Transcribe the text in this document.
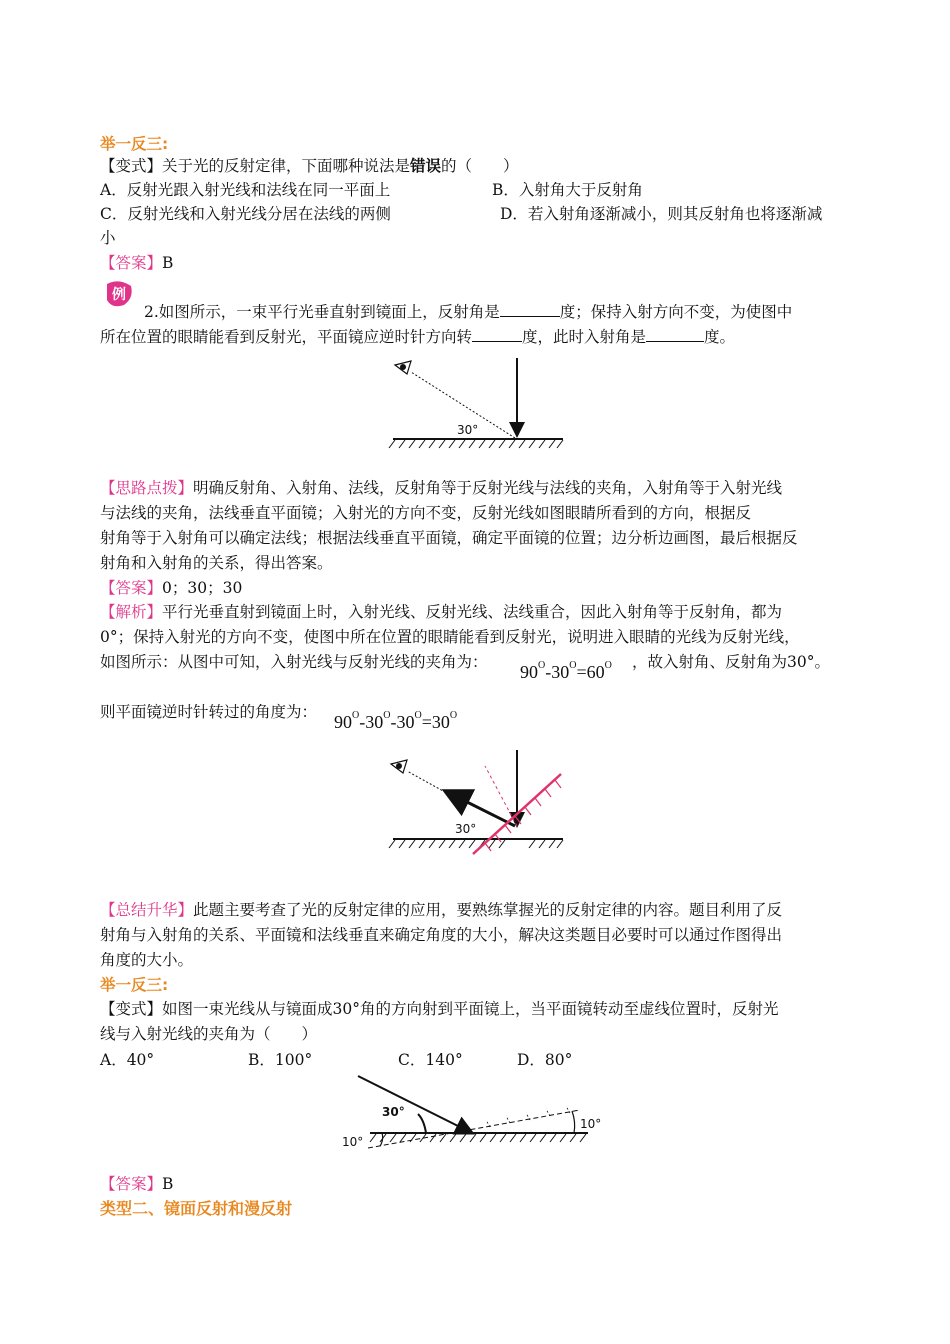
举一反三:
【变式】关于光的反射定律，下面哪种说法是错误的（　　）
A．反射光跟入射光线和法线在同一平面上	B．入射角大于反射角
C．反射光线和入射光线分居在法线的两侧	D．若入射角逐渐减小，则其反射角也将逐渐减
小
【答案】B
例
2.如图所示，一束平行光垂直射到镜面上，反射角是	度；保持入射方向不变，为使图中
所在位置的眼睛能看到反射光，平面镜应逆时针方向转	度，此时入射角是	度。
30°
【思路点拨】明确反射角、入射角、法线，反射角等于反射光线与法线的夹角，入射角等于入射光线
与法线的夹角，法线垂直平面镜；入射光的方向不变，反射光线如图眼睛所看到的方向，根据反
射角等于入射角可以确定法线；根据法线垂直平面镜，确定平面镜的位置；边分析边画图，最后根据反
射角和入射角的关系，得出答案。
【答案】0；30；30
【解析】平行光垂直射到镜面上时，入射光线、反射光线、法线重合，因此入射角等于反射角，都为
0°；保持入射光的方向不变，使图中所在位置的眼睛能看到反射光，说明进入眼睛的光线为反射光线，
如图所示：从图中可知，入射光线与反射光线的夹角为： $90^O-30^O=60^O$ ，故入射角、反射角为30°。
则平面镜逆时针转过的角度为： $90^O-30^O-30^O=30^O$
30°
【总结升华】此题主要考查了光的反射定律的应用，要熟练掌握光的反射定律的内容。题目利用了反
射角与入射角的关系、平面镜和法线垂直来确定角度的大小，解决这类题目必要时可以通过作图得出
角度的大小。
举一反三:
【变式】如图一束光线从与镜面成30°角的方向射到平面镜上，当平面镜转动至虚线位置时，反射光
线与入射光线的夹角为（　　）
A．40°	B．100°	C．140°	D．80°
30°
10°
10°
【答案】B
类型二、镜面反射和漫反射
